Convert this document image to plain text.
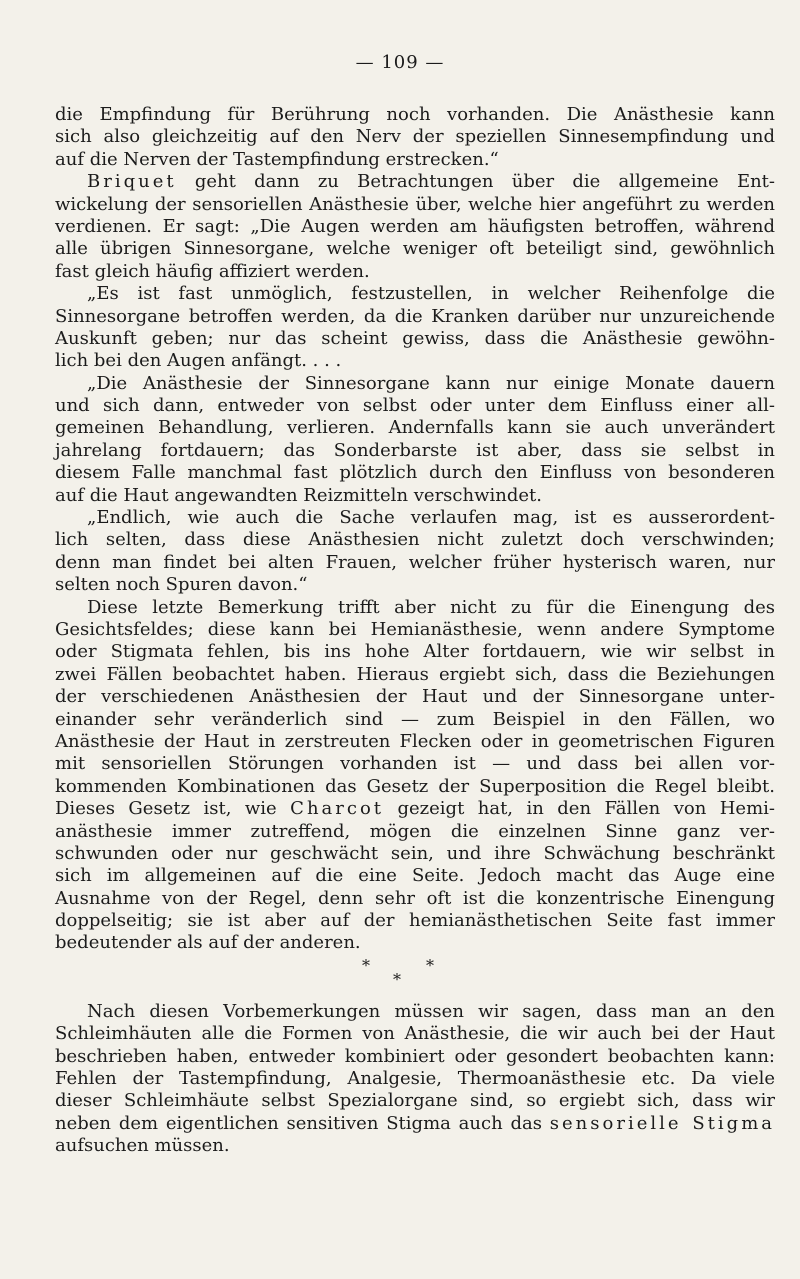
— 109 —
die Empfindung für Berührung noch vorhanden. Die Anästhesie kann
sich also gleichzeitig auf den Nerv der speziellen Sinnesempfindung und
auf die Nerven der Tastempfindung erstrecken.“
Briquet geht dann zu Betrachtungen über die allgemeine Ent-
wickelung der sensoriellen Anästhesie über, welche hier angeführt zu werden
verdienen. Er sagt: „Die Augen werden am häufigsten betroffen, während
alle übrigen Sinnesorgane, welche weniger oft beteiligt sind, gewöhnlich
fast gleich häufig affiziert werden.
„Es ist fast unmöglich, festzustellen, in welcher Reihenfolge die
Sinnesorgane betroffen werden, da die Kranken darüber nur unzureichende
Auskunft geben; nur das scheint gewiss, dass die Anästhesie gewöhn-
lich bei den Augen anfängt. . . .
„Die Anästhesie der Sinnesorgane kann nur einige Monate dauern
und sich dann, entweder von selbst oder unter dem Einfluss einer all-
gemeinen Behandlung, verlieren. Andernfalls kann sie auch unverändert
jahrelang fortdauern; das Sonderbarste ist aber, dass sie selbst in
diesem Falle manchmal fast plötzlich durch den Einfluss von besonderen
auf die Haut angewandten Reizmitteln verschwindet.
„Endlich, wie auch die Sache verlaufen mag, ist es ausserordent-
lich selten, dass diese Anästhesien nicht zuletzt doch verschwinden;
denn man findet bei alten Frauen, welcher früher hysterisch waren, nur
selten noch Spuren davon.“
Diese letzte Bemerkung trifft aber nicht zu für die Einengung des
Gesichtsfeldes; diese kann bei Hemianästhesie, wenn andere Symptome
oder Stigmata fehlen, bis ins hohe Alter fortdauern, wie wir selbst in
zwei Fällen beobachtet haben. Hieraus ergiebt sich, dass die Beziehungen
der verschiedenen Anästhesien der Haut und der Sinnesorgane unter-
einander sehr veränderlich sind — zum Beispiel in den Fällen, wo
Anästhesie der Haut in zerstreuten Flecken oder in geometrischen Figuren
mit sensoriellen Störungen vorhanden ist — und dass bei allen vor-
kommenden Kombinationen das Gesetz der Superposition die Regel bleibt.
Dieses Gesetz ist, wie Charcot gezeigt hat, in den Fällen von Hemi-
anästhesie immer zutreffend, mögen die einzelnen Sinne ganz ver-
schwunden oder nur geschwächt sein, und ihre Schwächung beschränkt
sich im allgemeinen auf die eine Seite. Jedoch macht das Auge eine
Ausnahme von der Regel, denn sehr oft ist die konzentrische Einengung
doppelseitig; sie ist aber auf der hemianästhetischen Seite fast immer
bedeutender als auf der anderen.
*	*
*
Nach diesen Vorbemerkungen müssen wir sagen, dass man an den
Schleimhäuten alle die Formen von Anästhesie, die wir auch bei der Haut
beschrieben haben, entweder kombiniert oder gesondert beobachten kann:
Fehlen der Tastempfindung, Analgesie, Thermoanästhesie etc. Da viele
dieser Schleimhäute selbst Spezialorgane sind, so ergiebt sich, dass wir
neben dem eigentlichen sensitiven Stigma auch das sensorielle Stigma
aufsuchen müssen.
